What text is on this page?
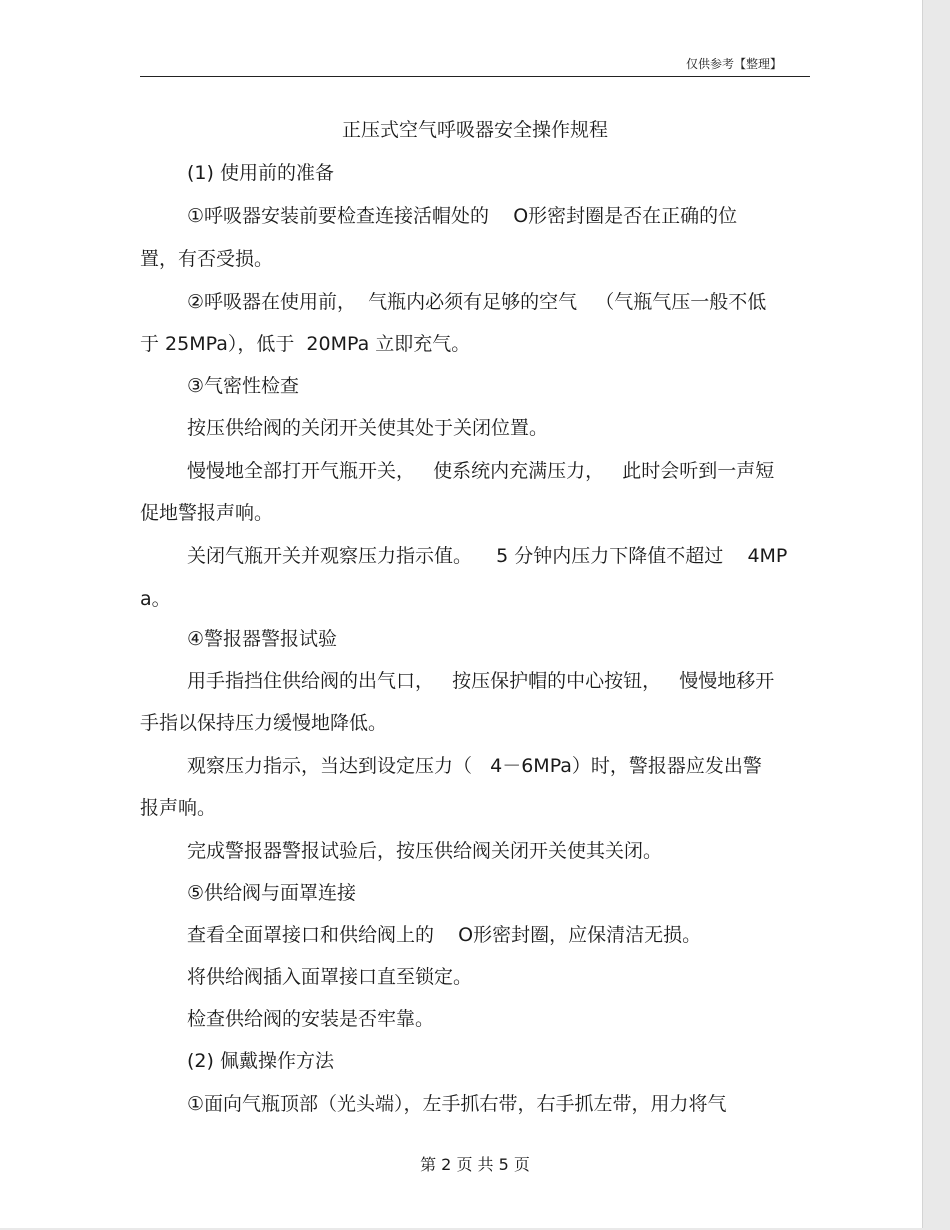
仅供参考【整理】
正压式空气呼吸器安全操作规程
(1) 使用前的准备
①呼吸器安装前要检查连接活帽处的    O形密封圈是否在正确的位
置，有否受损。
②呼吸器在使用前，  气瓶内必须有足够的空气   （气瓶气压一般不低
于 25MPa），低于  20MPa 立即充气。
③气密性检查
按压供给阀的关闭开关使其处于关闭位置。
慢慢地全部打开气瓶开关，   使系统内充满压力，   此时会听到一声短
促地警报声响。
关闭气瓶开关并观察压力指示值。    5 分钟内压力下降值不超过    4MP
a。
④警报器警报试验
用手指挡住供给阀的出气口，   按压保护帽的中心按钮，   慢慢地移开
手指以保持压力缓慢地降低。
观察压力指示，当达到设定压力（   4－6MPa）时，警报器应发出警
报声响。
完成警报器警报试验后，按压供给阀关闭开关使其关闭。
⑤供给阀与面罩连接
查看全面罩接口和供给阀上的    O形密封圈，应保清洁无损。
将供给阀插入面罩接口直至锁定。
检查供给阀的安装是否牢靠。
(2) 佩戴操作方法
①面向气瓶顶部（光头端），左手抓右带，右手抓左带，用力将气
第 2 页 共 5 页
